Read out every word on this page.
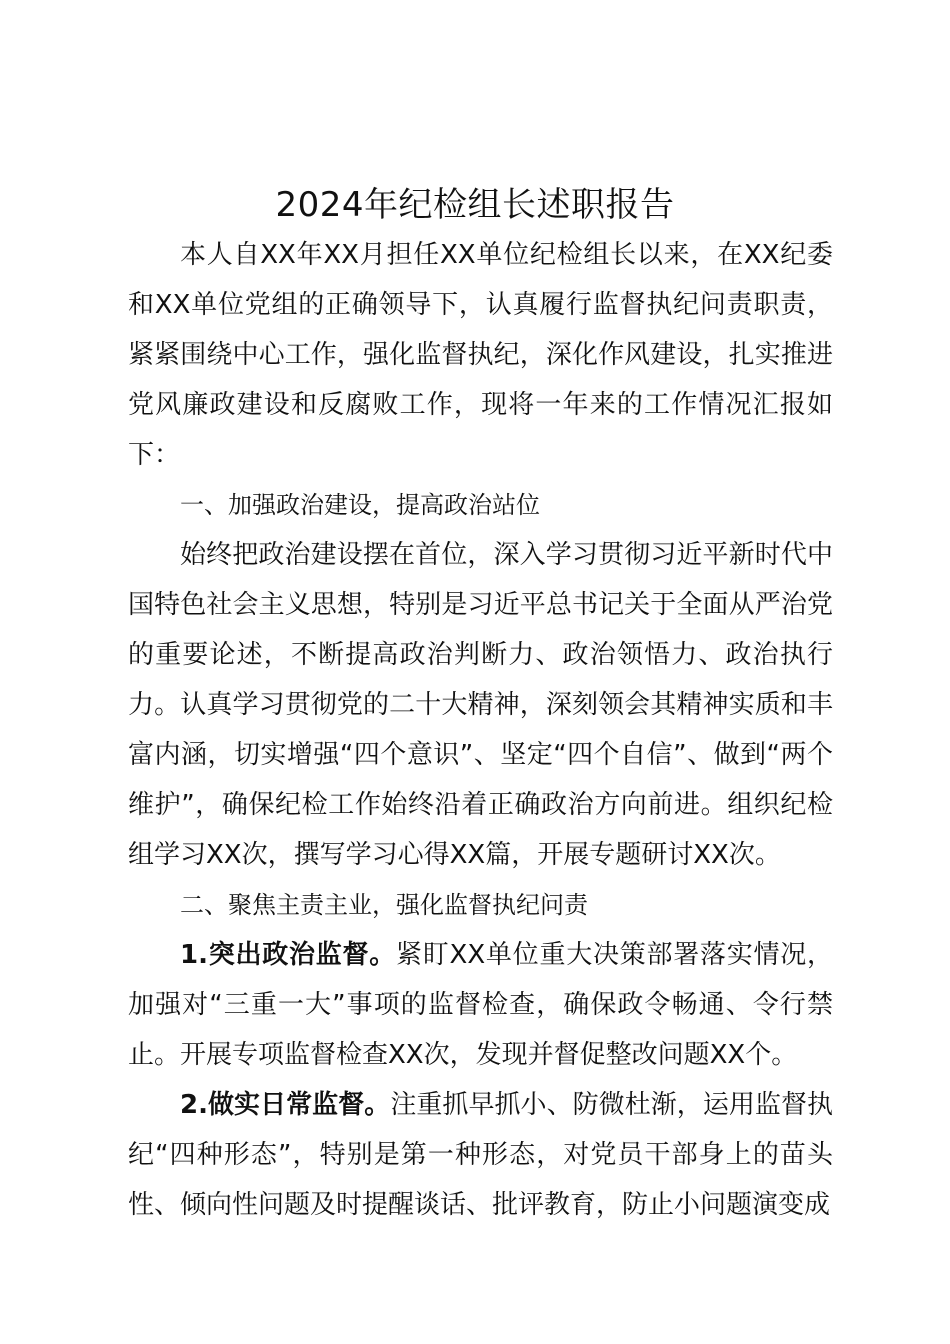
2024年纪检组长述职报告

本人自XX年XX月担任XX单位纪检组长以来，在XX纪委和XX单位党组的正确领导下，认真履行监督执纪问责职责，紧紧围绕中心工作，强化监督执纪，深化作风建设，扎实推进党风廉政建设和反腐败工作，现将一年来的工作情况汇报如下：

一、加强政治建设，提高政治站位

始终把政治建设摆在首位，深入学习贯彻习近平新时代中国特色社会主义思想，特别是习近平总书记关于全面从严治党的重要论述，不断提高政治判断力、政治领悟力、政治执行力。认真学习贯彻党的二十大精神，深刻领会其精神实质和丰富内涵，切实增强“四个意识”、坚定“四个自信”、做到“两个维护”，确保纪检工作始终沿着正确政治方向前进。组织纪检组学习XX次，撰写学习心得XX篇，开展专题研讨XX次。

二、聚焦主责主业，强化监督执纪问责

1.突出政治监督。紧盯XX单位重大决策部署落实情况，加强对“三重一大”事项的监督检查，确保政令畅通、令行禁止。开展专项监督检查XX次，发现并督促整改问题XX个。

2.做实日常监督。注重抓早抓小、防微杜渐，运用监督执纪“四种形态”，特别是第一种形态，对党员干部身上的苗头性、倾向性问题及时提醒谈话、批评教育，防止小问题演变成
